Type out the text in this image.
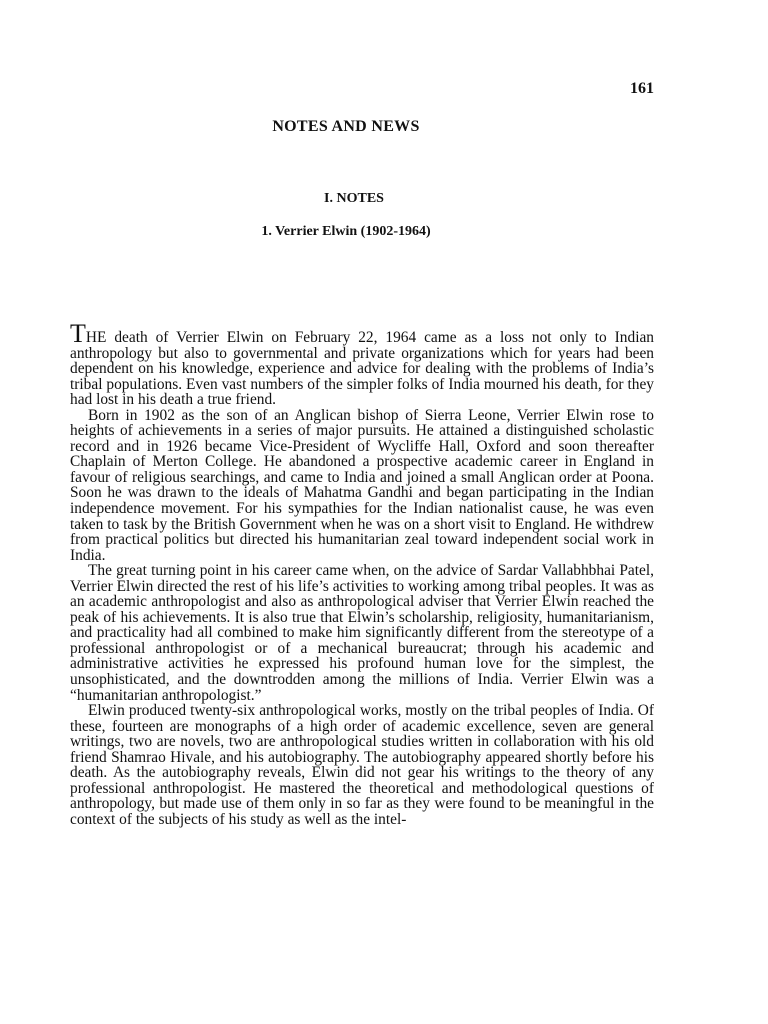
161
NOTES AND NEWS
I. NOTES
1. Verrier Elwin (1902-1964)

THE death of Verrier Elwin on February 22, 1964 came as a loss not only to Indian anthropology but also to governmental and private organizations which for years had been dependent on his knowledge, experience and advice for dealing with the problems of India’s tribal populations. Even vast numbers of the simpler folks of India mourned his death, for they had lost in his death a true friend.

Born in 1902 as the son of an Anglican bishop of Sierra Leone, Verrier Elwin rose to heights of achievements in a series of major pursuits. He attained a distinguished scholastic record and in 1926 became Vice-President of Wycliffe Hall, Oxford and soon thereafter Chaplain of Merton College. He abandoned a prospective academic career in England in favour of religious searchings, and came to India and joined a small Anglican order at Poona. Soon he was drawn to the ideals of Mahatma Gandhi and began participating in the Indian independence movement. For his sympathies for the Indian nationalist cause, he was even taken to task by the British Government when he was on a short visit to England. He withdrew from practical politics but directed his humanitarian zeal toward independent social work in India.

The great turning point in his career came when, on the advice of Sardar Vallabhbhai Patel, Verrier Elwin directed the rest of his life’s activities to working among tribal peoples. It was as an academic anthropologist and also as anthropological adviser that Verrier Elwin reached the peak of his achievements. It is also true that Elwin’s scholarship, religiosity, humanitarianism, and practicality had all combined to make him significantly different from the stereotype of a professional anthropologist or of a mechanical bureaucrat; through his academic and administrative activities he expressed his profound human love for the simplest, the unsophisticated, and the downtrodden among the millions of India. Verrier Elwin was a “humanitarian anthropologist.”

Elwin produced twenty-six anthropological works, mostly on the tribal peoples of India. Of these, fourteen are monographs of a high order of academic excellence, seven are general writings, two are novels, two are anthropological studies written in collaboration with his old friend Shamrao Hivale, and his autobiography. The autobiography appeared shortly before his death. As the autobiography reveals, Elwin did not gear his writings to the theory of any professional anthropologist. He mastered the theoretical and methodological questions of anthropology, but made use of them only in so far as they were found to be meaningful in the context of the subjects of his study as well as the intel-
